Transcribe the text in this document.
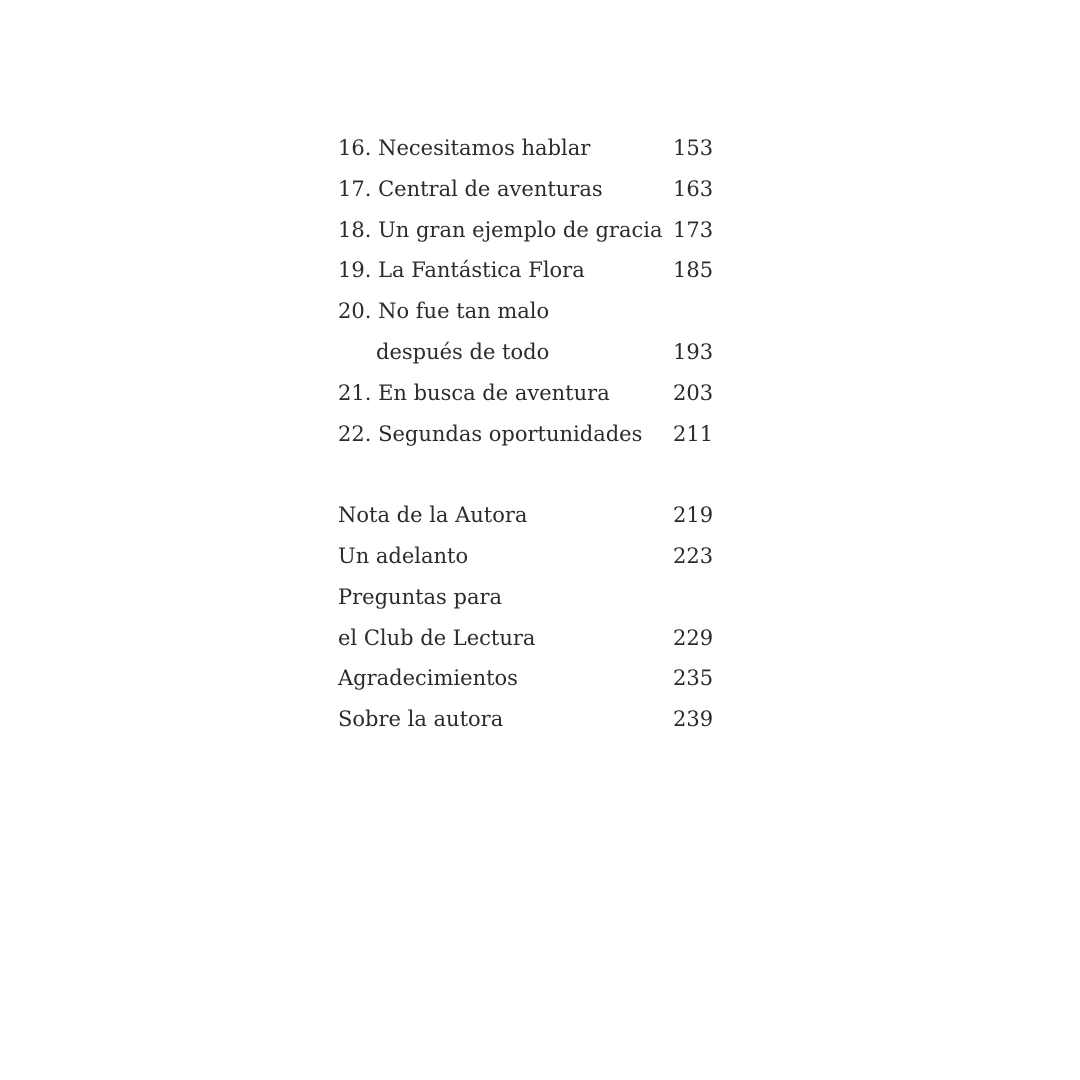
16. Necesitamos hablar	153
17. Central de aventuras	163
18. Un gran ejemplo de gracia 173
19. La Fantástica Flora	185
20. No fue tan malo
después de todo	193
21. En busca de aventura	203
22. Segundas oportunidades 211
Nota de la Autora	219
Un adelanto	223
Preguntas para
el Club de Lectura	229
Agradecimientos	235
Sobre la autora	239
